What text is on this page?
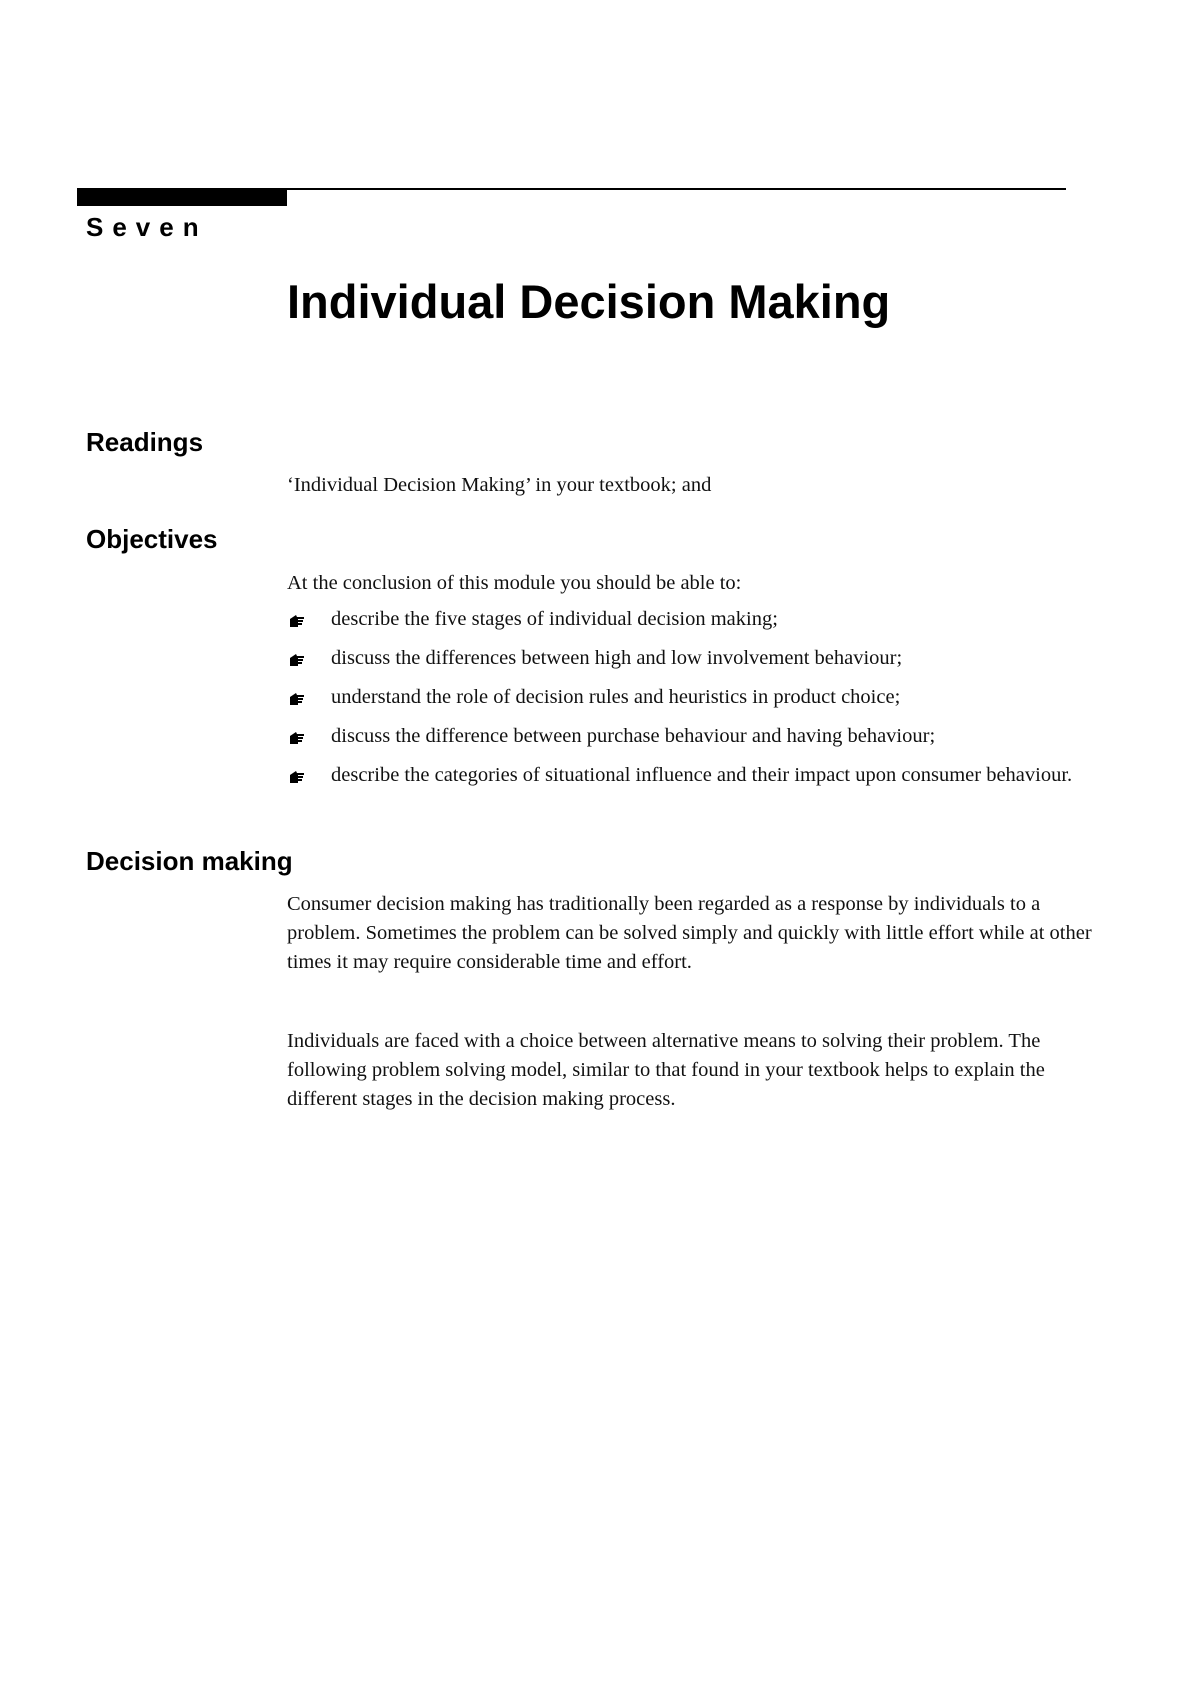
Seven
Individual Decision Making
Readings

‘Individual Decision Making’ in your textbook; and

Objectives

At the conclusion of this module you should be able to:

describe the five stages of individual decision making;
discuss the differences between high and low involvement behaviour;
understand the role of decision rules and heuristics in product choice;
discuss the difference between purchase behaviour and having behaviour;
describe the categories of situational influence and their impact upon consumer behaviour.
Decision making

Consumer decision making has traditionally been regarded as a response by individuals to a problem. Sometimes the problem can be solved simply and quickly with little effort while at other times it may require considerable time and effort.

Individuals are faced with a choice between alternative means to solving their problem. The following problem solving model, similar to that found in your textbook helps to explain the different stages in the decision making process.
